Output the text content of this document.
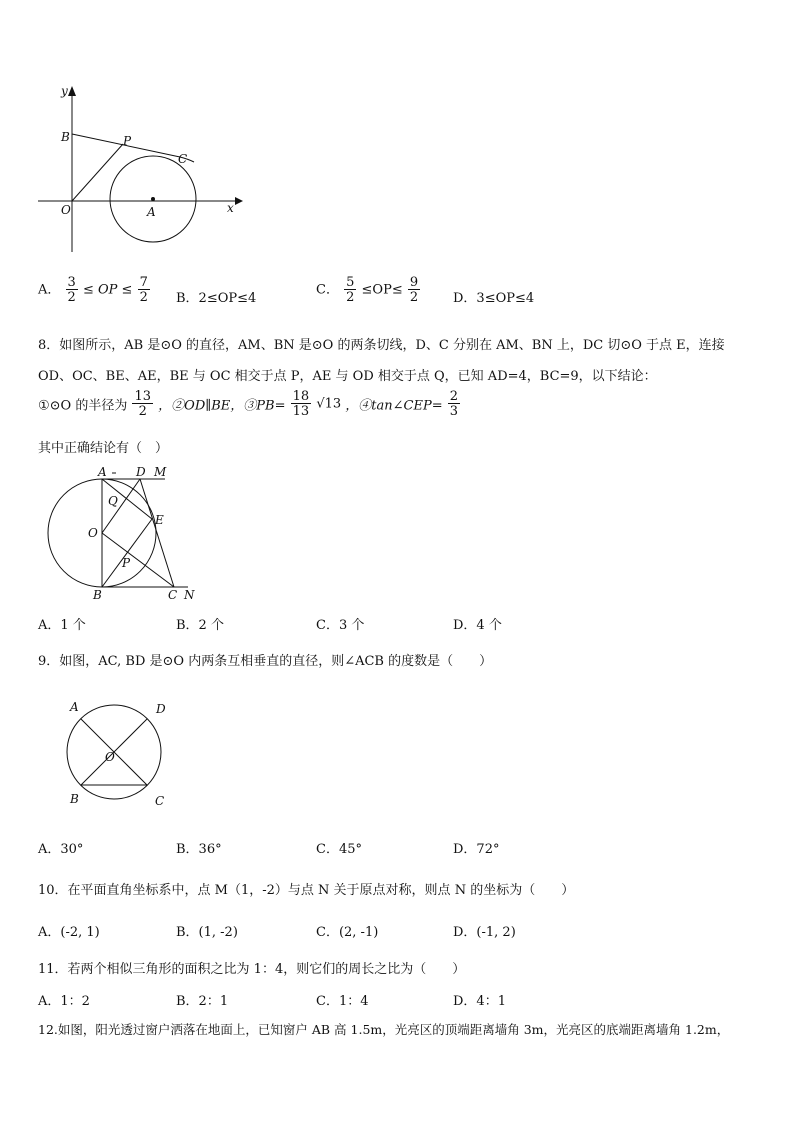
y
x
O	A
B	P
C
A． $\frac{3}{2}$ ≤ OP ≤ $\frac{7}{2}$ B．2≤OP≤4
C． $\frac{5}{2} \le OP\le \frac{9}{2}$	D．3≤OP≤4
8．如图所示，AB 是⊙O 的直径，AM、BN 是⊙O 的两条切线，D、C 分别在 AM、BN 上，DC 切⊙O 于点 E，连接
OD、OC、BE、AE，BE 与 OC 相交于点 P，AE 与 OD 相交于点 Q，已知 AD=4，BC=9，以下结论：
①⊙O 的半径为 $\frac{13}{2}$ ，②OD∥BE，③PB= $\frac{18}{13} √13$ ，④tan∠CEP= $\frac{2}{3}$
其中正确结论有（　）
A D M
Q
O
E
P
B	C N
A．1 个	B．2 个	C．3 个	D．4 个
9．如图，AC, BD 是⊙O 内两条互相垂直的直径，则∠ACB 的度数是（　　）
A	D
O
B	C
A．30°	B．36°	C．45°	D．72°
10．在平面直角坐标系中，点 M（1，-2）与点 N 关于原点对称，则点 N 的坐标为（　　）
A．(-2, 1)	B．(1, -2)	C．(2, -1)	D．(-1, 2)
11．若两个相似三角形的面积之比为 1：4，则它们的周长之比为（　　）
A．1：2	B．2：1	C．1：4	D．4：1
12.如图，阳光透过窗户洒落在地面上，已知窗户 AB 高 1.5m，光亮区的顶端距离墙角 3m，光亮区的底端距离墙角 1.2m，
